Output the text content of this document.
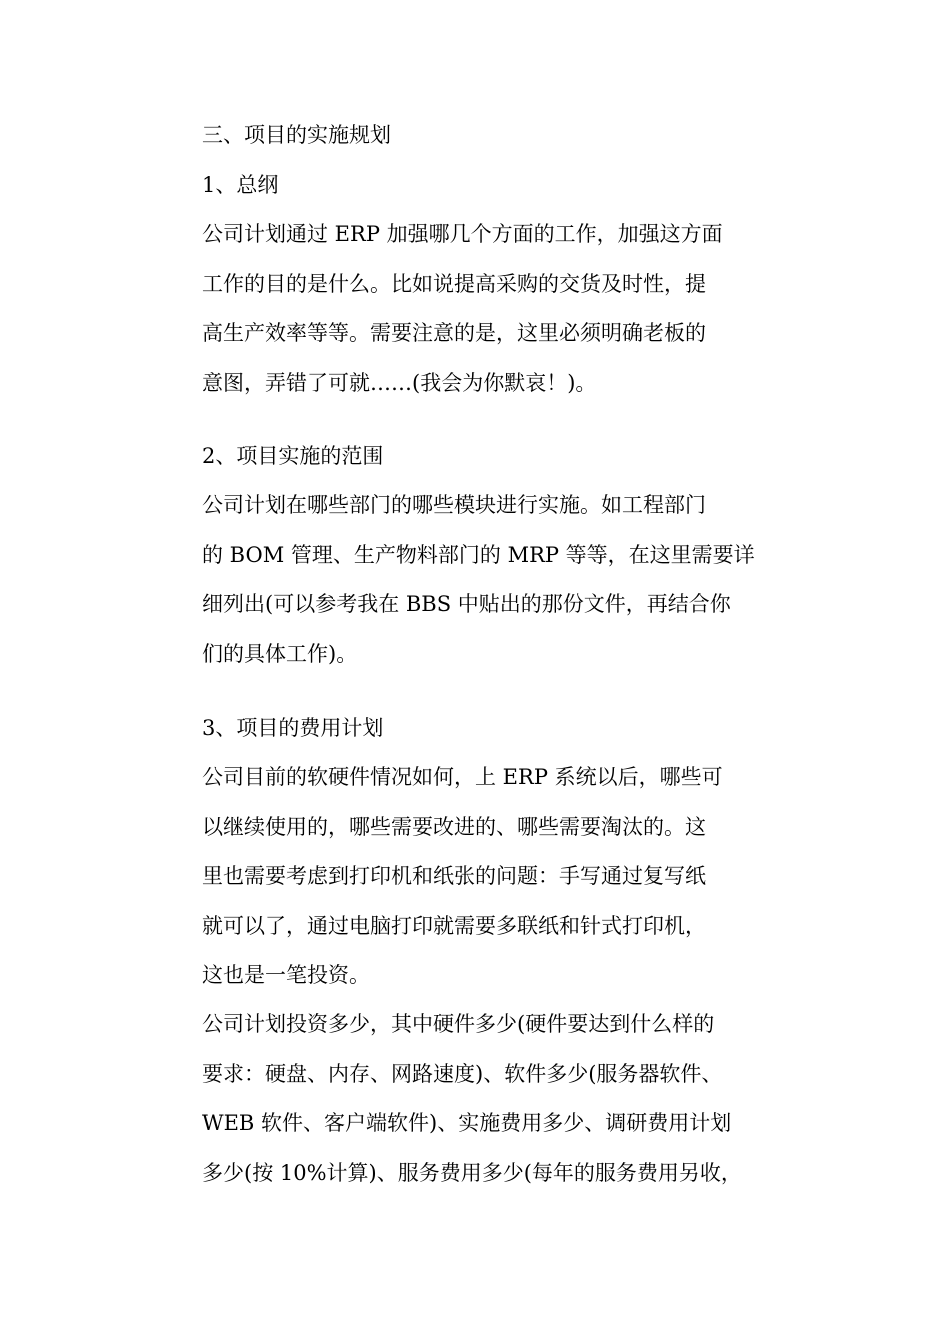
三、项目的实施规划

1、总纲
公司计划通过 ERP 加强哪几个方面的工作，加强这方面
工作的目的是什么。比如说提高采购的交货及时性，提
高生产效率等等。需要注意的是，这里必须明确老板的
意图，弄错了可就……(我会为你默哀！)。

2、项目实施的范围
公司计划在哪些部门的哪些模块进行实施。如工程部门
的 BOM 管理、生产物料部门的 MRP 等等，在这里需要详
细列出(可以参考我在 BBS 中贴出的那份文件，再结合你
们的具体工作)。

3、项目的费用计划
公司目前的软硬件情况如何，上 ERP 系统以后，哪些可
以继续使用的，哪些需要改进的、哪些需要淘汰的。这
里也需要考虑到打印机和纸张的问题：手写通过复写纸
就可以了，通过电脑打印就需要多联纸和针式打印机，
这也是一笔投资。
公司计划投资多少，其中硬件多少(硬件要达到什么样的
要求：硬盘、内存、网路速度)、软件多少(服务器软件、
WEB 软件、客户端软件)、实施费用多少、调研费用计划
多少(按 10%计算)、服务费用多少(每年的服务费用另收，
